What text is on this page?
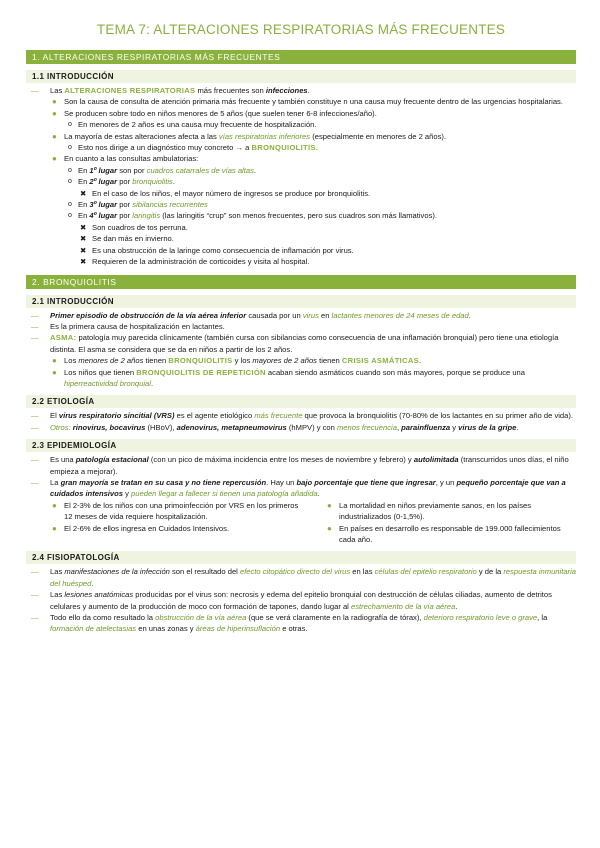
TEMA 7: ALTERACIONES RESPIRATORIAS MÁS FRECUENTES
1. ALTERACIONES RESPIRATORIAS MÁS FRECUENTES
1.1 INTRODUCCIÓN
— Las ALTERACIONES RESPIRATORIAS más frecuentes son infecciones.
● Son la causa de consulta de atención primaria más frecuente y también constituye n una causa muy frecuente dentro de las urgencias hospitalarias.
● Se producen sobre todo en niños menores de 5 años (que suelen tener 6-8 infecciones/año).
o En menores de 2 años es una causa muy frecuente de hospitalización.
● La mayoría de estas alteraciones afecta a las vías respiratorias inferiores (especialmente en menores de 2 años).
o Esto nos dirige a un diagnóstico muy concreto → a BRONQUIOLITIS.
● En cuanto a las consultas ambulatorias:
o En 1º lugar son por cuadros catarrales de vías altas.
o En 2º lugar por bronquiolitis.
✖ En el caso de los niños, el mayor número de ingresos se produce por bronquiolitis.
o En 3º lugar por sibilancias recurrentes
o En 4º lugar por laringitis (las laringitis “crup” son menos frecuentes, pero sus cuadros son más llamativos).
✖ Son cuadros de tos perruna.
✖ Se dan más en invierno.
✖ Es una obstrucción de la laringe como consecuencia de inflamación por virus.
✖ Requieren de la administración de corticoides y visita al hospital.
2. BRONQUIOLITIS
2.1 INTRODUCCIÓN
— Primer episodio de obstrucción de la vía aérea inferior causada por un virus en lactantes menores de 24 meses de edad.
— Es la primera causa de hospitalización en lactantes.
— ASMA: patología muy parecida clínicamente (también cursa con sibilancias como consecuencia de una inflamación bronquial) pero tiene una etiología distinta. El asma se considera que se da en niños a partir de los 2 años.
● Los menores de 2 años tienen BRONQUIOLITIS y los mayores de 2 años tienen CRISIS ASMÁTICAS.
● Los niños que tienen BRONQUIOLITIS DE REPETICIÓN acaban siendo asmáticos cuando son más mayores, porque se produce una hiperreactividad bronquial.
2.2 ETIOLOGÍA
— El virus respiratorio sincitial (VRS) es el agente etiológico más frecuente que provoca la bronquiolitis (70-80% de los lactantes en su primer año de vida).
— Otros: rinovirus, bocavirus (HBoV), adenovirus, metapneumovirus (hMPV) y con menos frecuencia, parainfluenza y virus de la gripe.
2.3 EPIDEMIOLOGÍA
— Es una patología estacional (con un pico de máxima incidencia entre los meses de noviembre y febrero) y autolimitada (transcurridos unos días, el niño empieza a mejorar).
— La gran mayoría se tratan en su casa y no tiene repercusión. Hay un bajo porcentaje que tiene que ingresar, y un pequeño porcentaje que van a cuidados intensivos y pueden llegar a fallecer si tienen una patología añadida.
● El 2-3% de los niños con una primoinfección por VRS en los primeros 12 meses de vida requiere hospitalización.
● El 2-6% de ellos ingresa en Cuidados Intensivos.
● La mortalidad en niños previamente sanos, en los países industrializados (0-1,5%).
● En países en desarrollo es responsable de 199.000 fallecimientos cada año.
2.4 FISIOPATOLOGÍA
— Las manifestaciones de la infección son el resultado del efecto citopático directo del virus en las células del epitelio respiratorio y de la respuesta inmunitaria del huésped.
— Las lesiones anatómicas producidas por el virus son: necrosis y edema del epitelio bronquial con destrucción de células ciliadas, aumento de detritos celulares y aumento de la producción de moco con formación de tapones, dando lugar al estrechamiento de la vía aérea.
— Todo ello da como resultado la obstrucción de la vía aérea (que se verá claramente en la radiografía de tórax), deterioro respiratorio leve o grave, la formación de atelectasias en unas zonas y áreas de hiperinsuflación e otras.
